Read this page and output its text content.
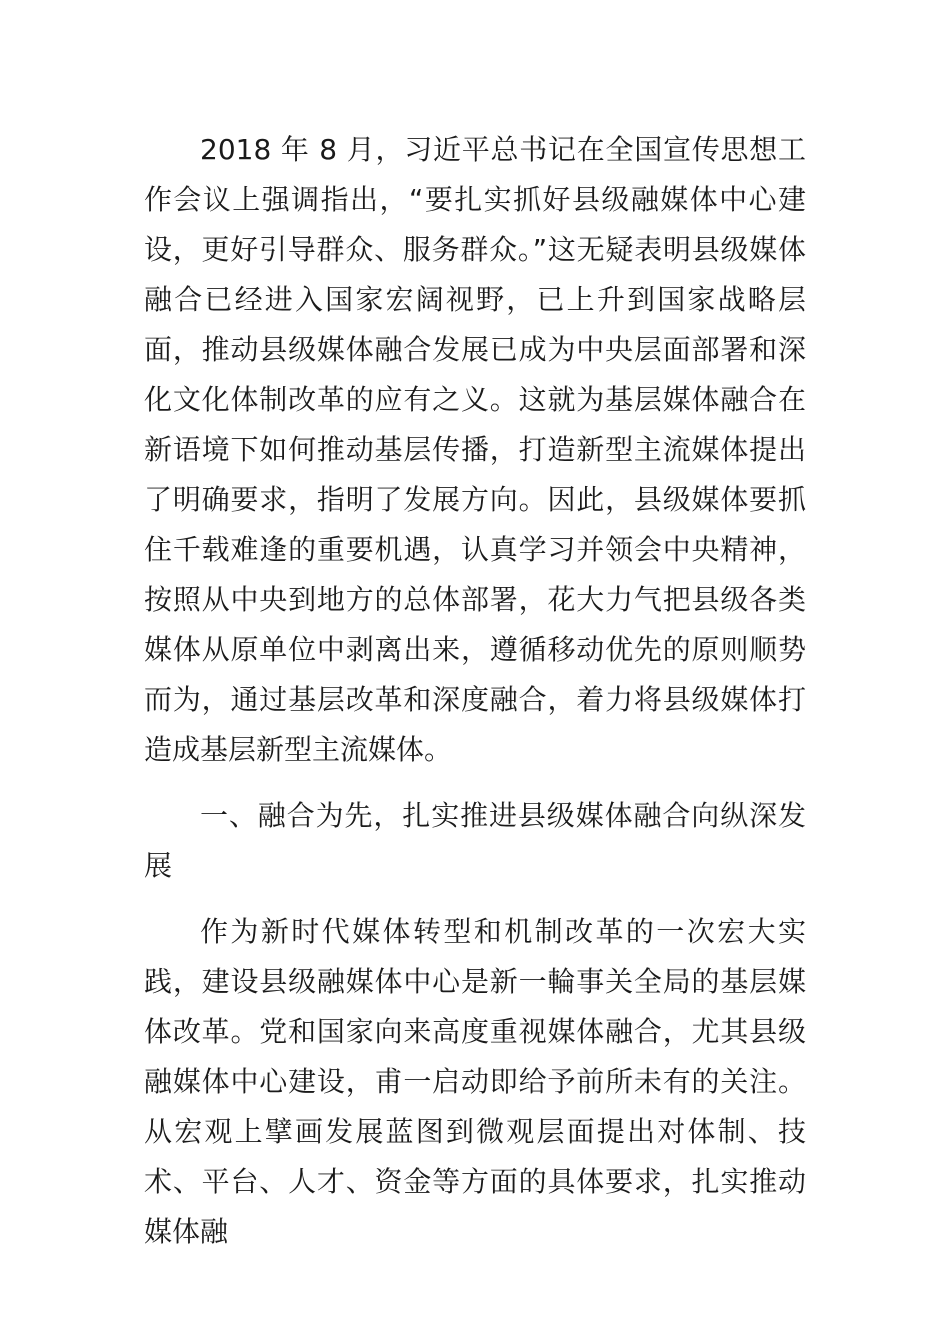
2018 年 8 月，习近平总书记在全国宣传思想工作会议上强调指出，“要扎实抓好县级融媒体中心建设，更好引导群众、服务群众。”这无疑表明县级媒体融合已经进入国家宏阔视野，已上升到国家战略层面，推动县级媒体融合发展已成为中央层面部署和深化文化体制改革的应有之义。这就为基层媒体融合在新语境下如何推动基层传播，打造新型主流媒体提出了明确要求，指明了发展方向。因此，县级媒体要抓住千载难逢的重要机遇，认真学习并领会中央精神，按照从中央到地方的总体部署，花大力气把县级各类媒体从原单位中剥离出来，遵循移动优先的原则顺势而为，通过基层改革和深度融合，着力将县级媒体打造成基层新型主流媒体。

一、融合为先，扎实推进县级媒体融合向纵深发展

作为新时代媒体转型和机制改革的一次宏大实践，建设县级融媒体中心是新一輪事关全局的基层媒体改革。党和国家向来高度重视媒体融合，尤其县级融媒体中心建设，甫一启动即给予前所未有的关注。从宏观上擘画发展蓝图到微观层面提出对体制、技术、平台、人才、资金等方面的具体要求，扎实推动媒体融
